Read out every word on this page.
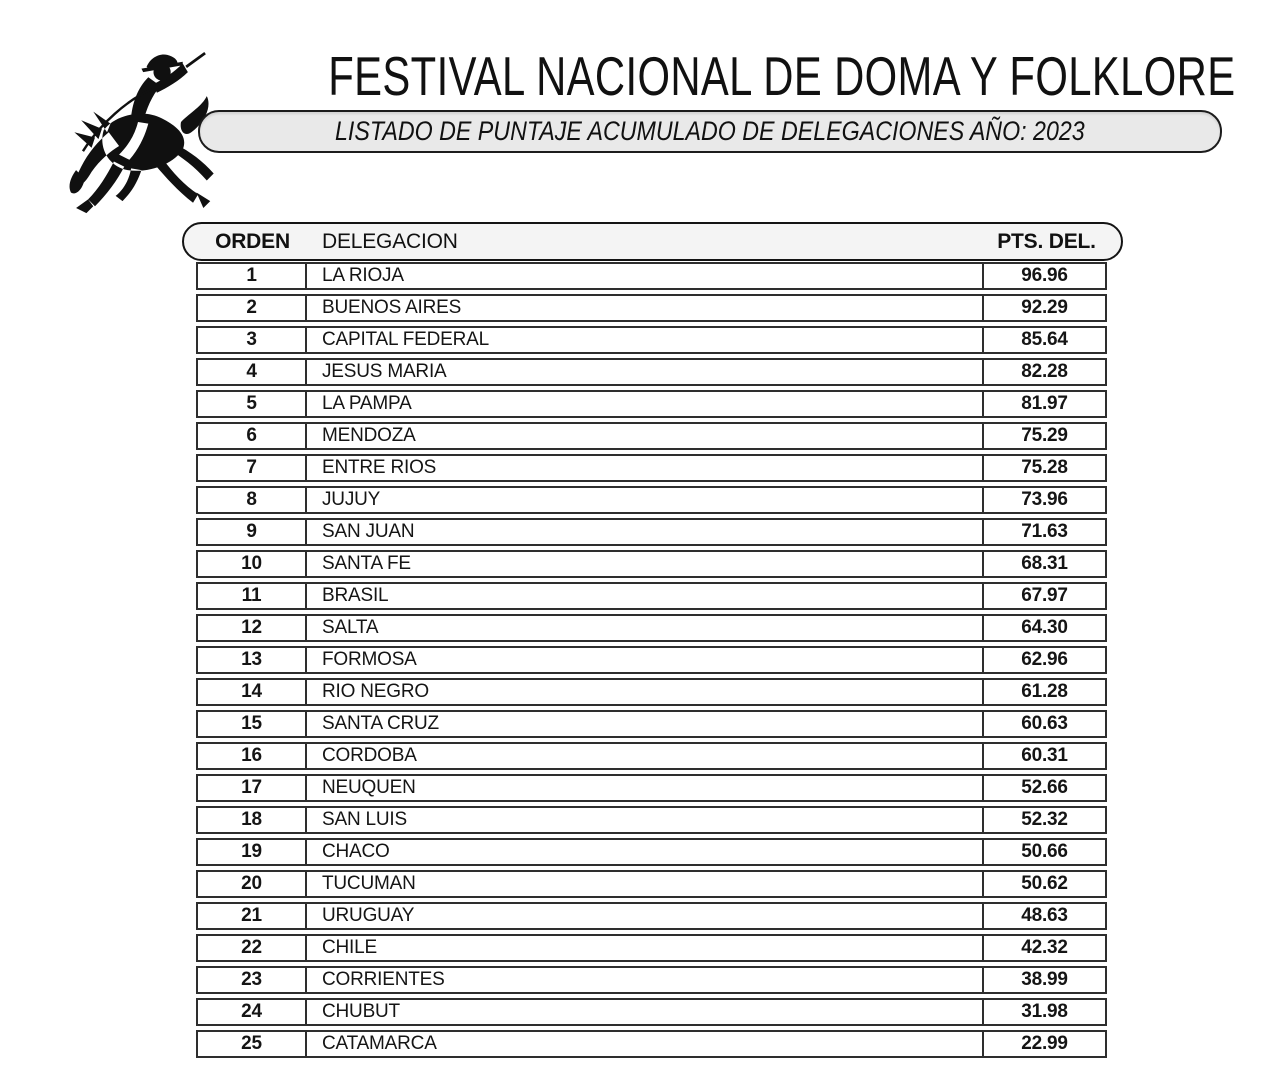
FESTIVAL NACIONAL DE DOMA Y FOLKLORE
LISTADO DE PUNTAJE ACUMULADO DE DELEGACIONES AÑO: 2023
ORDEN	DELEGACION	PTS. DEL.
1	LA RIOJA	96.96
2	BUENOS AIRES	92.29
3	CAPITAL FEDERAL	85.64
4	JESUS MARIA	82.28
5	LA PAMPA	81.97
6	MENDOZA	75.29
7	ENTRE RIOS	75.28
8	JUJUY	73.96
9	SAN JUAN	71.63
10	SANTA FE	68.31
11	BRASIL	67.97
12	SALTA	64.30
13	FORMOSA	62.96
14	RIO NEGRO	61.28
15	SANTA CRUZ	60.63
16	CORDOBA	60.31
17	NEUQUEN	52.66
18	SAN LUIS	52.32
19	CHACO	50.66
20	TUCUMAN	50.62
21	URUGUAY	48.63
22	CHILE	42.32
23	CORRIENTES	38.99
24	CHUBUT	31.98
25	CATAMARCA	22.99
